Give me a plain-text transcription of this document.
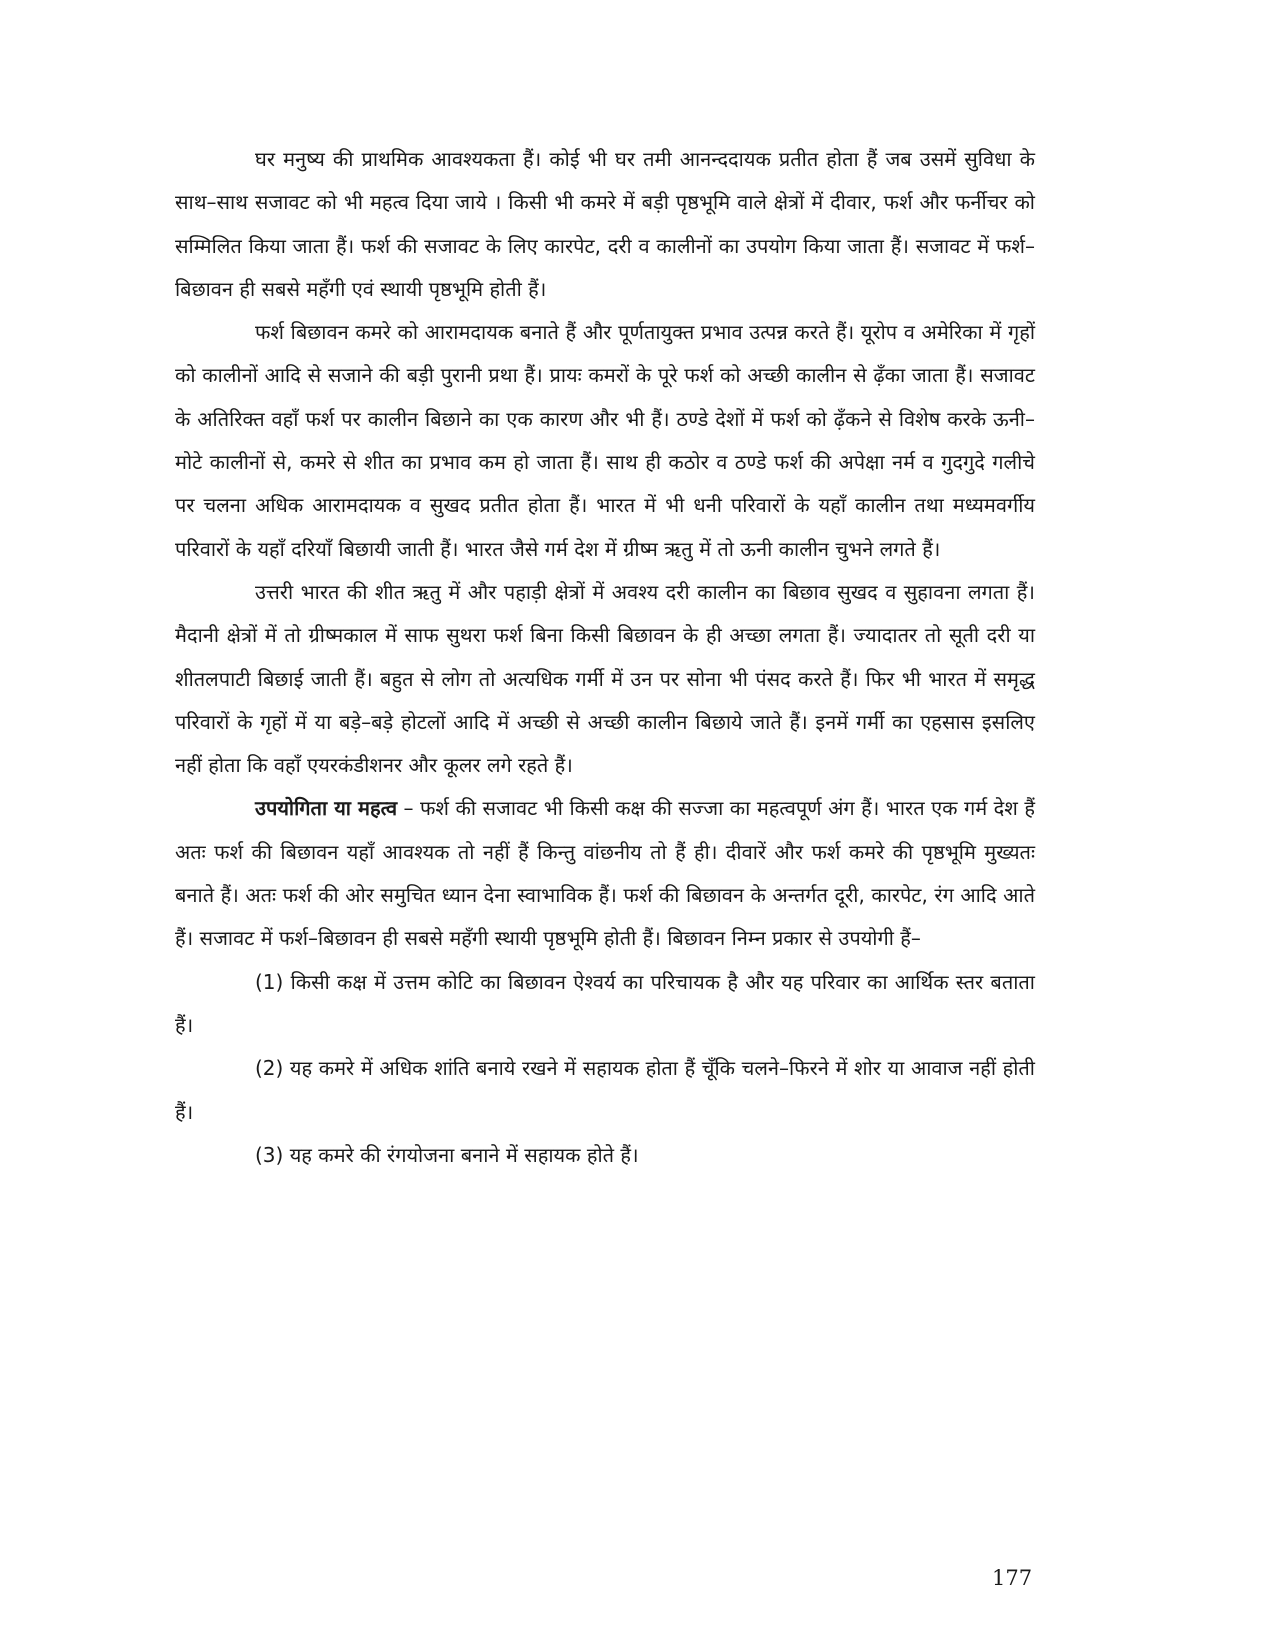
घर मनुष्य की प्राथमिक आवश्यकता हैं। कोई भी घर तमी आनन्ददायक प्रतीत होता हैं जब उसमें सुविधा के साथ–साथ सजावट को भी महत्व दिया जाये । किसी भी कमरे में बड़ी पृष्ठभूमि वाले क्षेत्रों में दीवार, फर्श और फर्नीचर को सम्मिलित किया जाता हैं। फर्श की सजावट के लिए कारपेट, दरी व कालीनों का उपयोग किया जाता हैं। सजावट में फर्श–बिछावन ही सबसे महँगी एवं स्थायी पृष्ठभूमि होती हैं।

फर्श बिछावन कमरे को आरामदायक बनाते हैं और पूर्णतायुक्त प्रभाव उत्पन्न करते हैं। यूरोप व अमेरिका में गृहों को कालीनों आदि से सजाने की बड़ी पुरानी प्रथा हैं। प्रायः कमरों के पूरे फर्श को अच्छी कालीन से ढ़ँका जाता हैं। सजावट के अतिरिक्त वहाँ फर्श पर कालीन बिछाने का एक कारण और भी हैं। ठण्डे देशों में फर्श को ढ़ँकने से विशेष करके ऊनी–मोटे कालीनों से, कमरे से शीत का प्रभाव कम हो जाता हैं। साथ ही कठोर व ठण्डे फर्श की अपेक्षा नर्म व गुदगुदे गलीचे पर चलना अधिक आरामदायक व सुखद प्रतीत होता हैं। भारत में भी धनी परिवारों के यहाँ कालीन तथा मध्यमवर्गीय परिवारों के यहाँ दरियाँ बिछायी जाती हैं। भारत जैसे गर्म देश में ग्रीष्म ऋतु में तो ऊनी कालीन चुभने लगते हैं।

उत्तरी भारत की शीत ऋतु में और पहाड़ी क्षेत्रों में अवश्य दरी कालीन का बिछाव सुखद व सुहावना लगता हैं। मैदानी क्षेत्रों में तो ग्रीष्मकाल में साफ सुथरा फर्श बिना किसी बिछावन के ही अच्छा लगता हैं। ज्यादातर तो सूती दरी या शीतलपाटी बिछाई जाती हैं। बहुत से लोग तो अत्यधिक गर्मी में उन पर सोना भी पंसद करते हैं। फिर भी भारत में समृद्ध परिवारों के गृहों में या बड़े–बड़े होटलों आदि में अच्छी से अच्छी कालीन बिछाये जाते हैं। इनमें गर्मी का एहसास इसलिए नहीं होता कि वहाँ एयरकंडीशनर और कूलर लगे रहते हैं।

उपयोगिता या महत्व – फर्श की सजावट भी किसी कक्ष की सज्जा का महत्वपूर्ण अंग हैं। भारत एक गर्म देश हैं अतः फर्श की बिछावन यहाँ आवश्यक तो नहीं हैं किन्तु वांछनीय तो हैं ही। दीवारें और फर्श कमरे की पृष्ठभूमि मुख्यतः बनाते हैं। अतः फर्श की ओर समुचित ध्यान देना स्वाभाविक हैं। फर्श की बिछावन के अन्तर्गत दूरी, कारपेट, रंग आदि आते हैं। सजावट में फर्श–बिछावन ही सबसे महँगी स्थायी पृष्ठभूमि होती हैं। बिछावन निम्न प्रकार से उपयोगी हैं–

(1) किसी कक्ष में उत्तम कोटि का बिछावन ऐश्वर्य का परिचायक है और यह परिवार का आर्थिक स्तर बताता हैं।

(2) यह कमरे में अधिक शांति बनाये रखने में सहायक होता हैं चूँकि चलने–फिरने में शोर या आवाज नहीं होती हैं।

(3) यह कमरे की रंगयोजना बनाने में सहायक होते हैं।

177
